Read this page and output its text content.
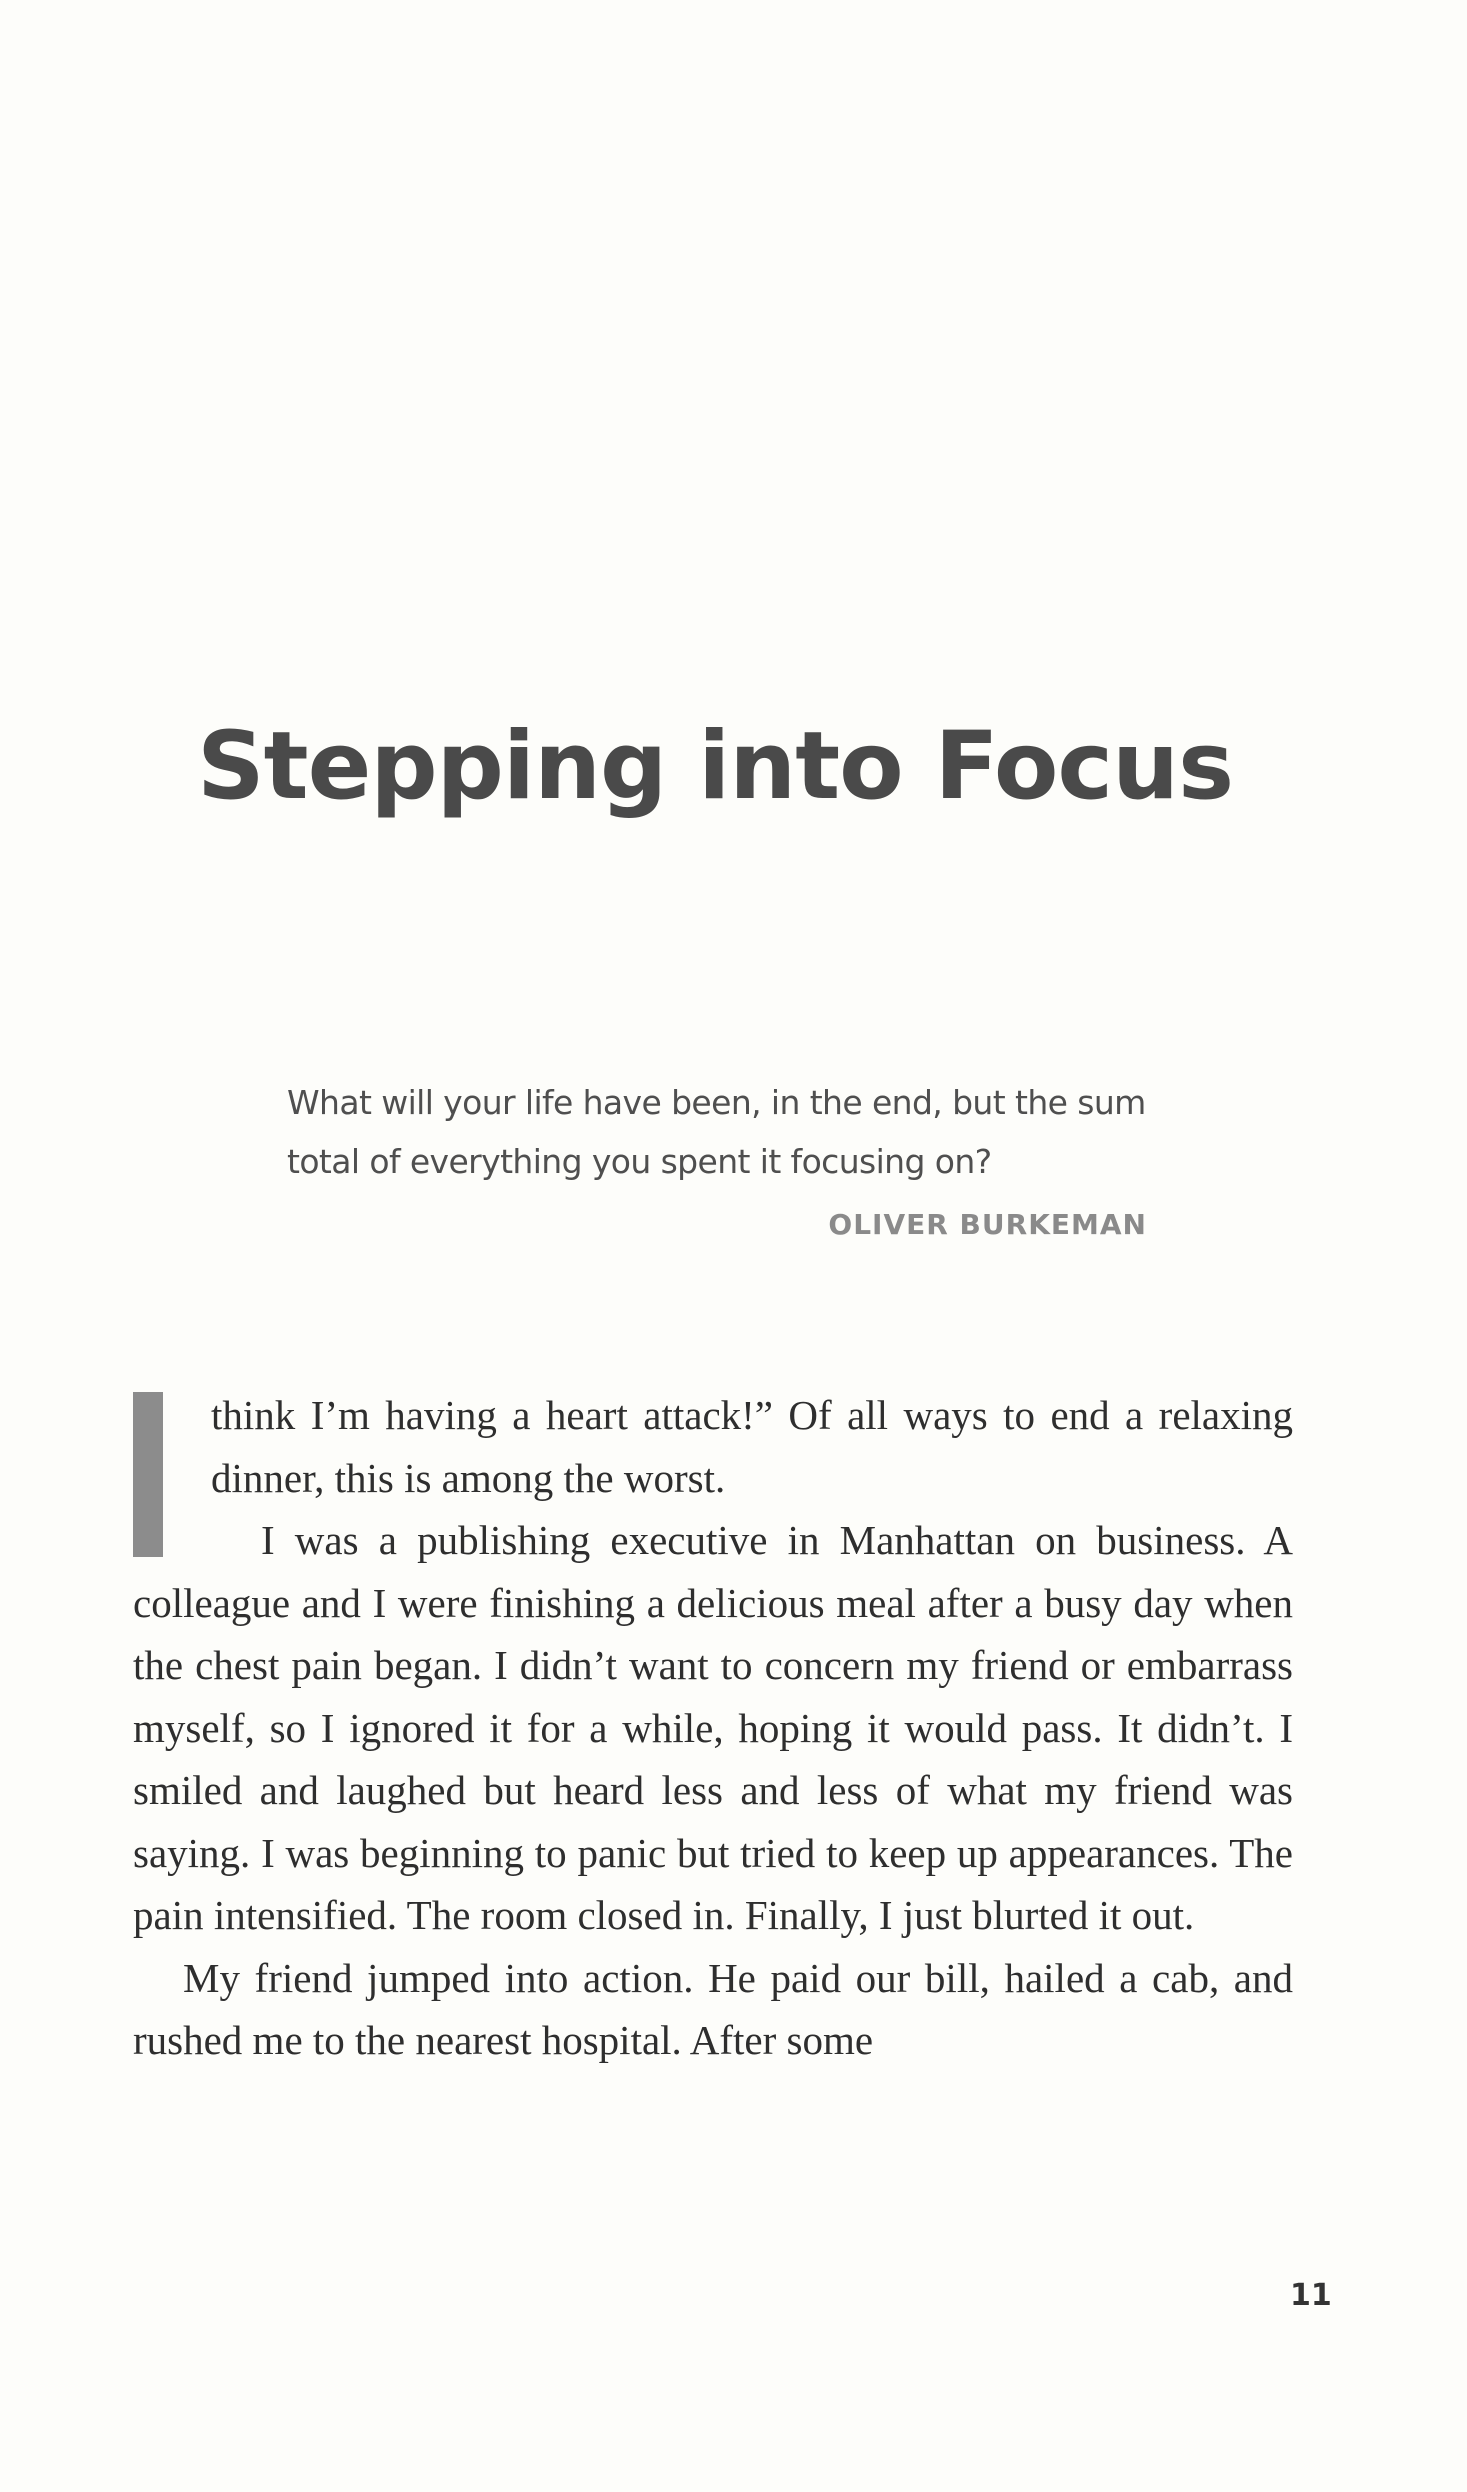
Stepping into Focus

What will your life have been, in the end, but the sum total of everything you spent it focusing on?

OLIVER BURKEMAN

think I’m having a heart attack!” Of all ways to end a relaxing dinner, this is among the worst.

I was a publishing executive in Manhattan on business. A colleague and I were finishing a delicious meal after a busy day when the chest pain began. I didn’t want to concern my friend or embarrass myself, so I ignored it for a while, hoping it would pass. It didn’t. I smiled and laughed but heard less and less of what my friend was saying. I was beginning to panic but tried to keep up appearances. The pain intensified. The room closed in. Finally, I just blurted it out.

My friend jumped into action. He paid our bill, hailed a cab, and rushed me to the nearest hospital. After some

11
